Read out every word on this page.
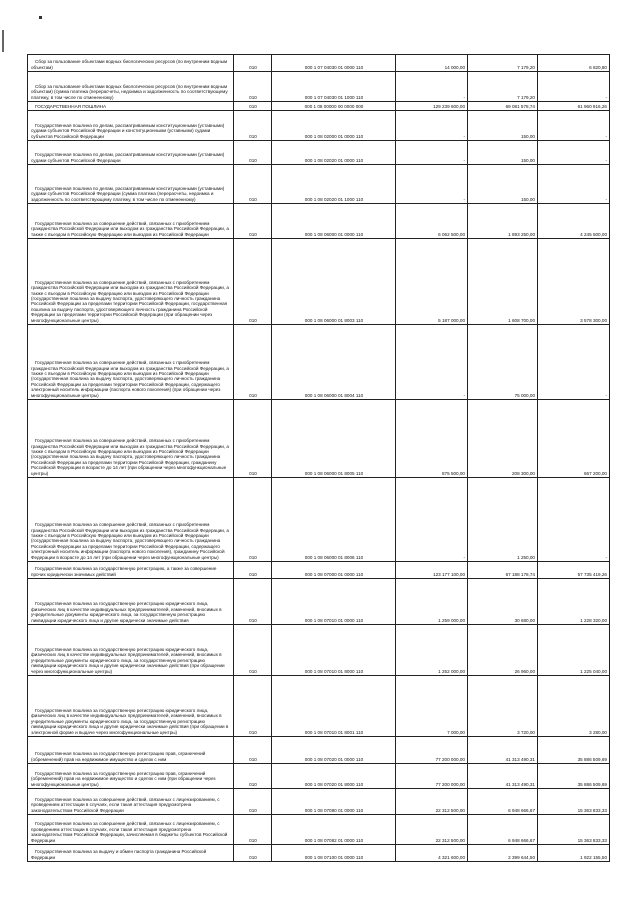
Сбор за пользование объектами водных биологических ресурсов (по внутренним водным объектам)	010	000 1 07 04030 01 0000 110	14 000,00	7 179,20	6 820,80
Сбор за пользование объектами водных биологических ресурсов (по внутренним водным объектам) (сумма платежа (перерасчеты, недоимка и задолженность по соответствующему платежу, в том числе по отмененному)	010	000 1 07 04030 01 1000 110	-	7 179,20	-
ГОСУДАРСТВЕННАЯ ПОШЛИНА	010	000 1 08 00000 00 0000 000	129 239 600,00	69 081 578,74	61 960 916,26
Государственная пошлина по делам, рассматриваемым конституционными (уставными) судами субъектов Российской Федерации и конституционными (уставными) судами субъектов Российской Федерации	010	000 1 08 02000 01 0000 110	-	150,00	-
Государственная пошлина по делам, рассматриваемым конституционными (уставными) судами субъектов Российской Федерации	010	000 1 08 02020 01 0000 110	-	150,00	-
Государственная пошлина по делам, рассматриваемым конституционными (уставными) судами субъектов Российской Федерации (сумма платежа (перерасчеты, недоимка и задолженность по соответствующему платежу, в том числе по отмененному)	010	000 1 08 02020 01 1000 110	-	150,00	-
Государственная пошлина за совершение действий, связанных с приобретением гражданства Российской Федерации или выходом из гражданства Российской Федерации, а также с въездом в Российскую Федерацию или выездом из Российской Федерации	010	000 1 08 06000 01 0000 110	6 062 500,00	1 893 250,00	4 245 500,00
Государственная пошлина за совершение действий, связанных с приобретением гражданства Российской Федерации или выходом из гражданства Российской Федерации, а также с въездом в Российскую Федерацию или выездом из Российской Федерации (государственная пошлина за выдачу паспорта, удостоверяющего личность гражданина Российской Федерации за пределами территории Российской Федерации, государственная пошлина за выдачу паспорта, удостоверяющего личность гражданина Российской Федерации за пределами территории Российской Федерации (при обращении через многофункциональные центры)	010	000 1 08 06000 01 8003 110	5 187 000,00	1 608 700,00	3 578 300,00
Государственная пошлина за совершение действий, связанных с приобретением гражданства Российской Федерации или выходом из гражданства Российской Федерации, а также с въездом в Российскую Федерацию или выездом из Российской Федерации (государственная пошлина за выдачу паспорта, удостоверяющего личность гражданина Российской Федерации за пределами территории Российской Федерации, содержащего электронный носитель информации (паспорта нового поколения) (при обращении через многофункциональные центры)	010	000 1 08 06000 01 8004 110	-	75 000,00	-
Государственная пошлина за совершение действий, связанных с приобретением гражданства Российской Федерации или выходом из гражданства Российской Федерации, а также с въездом в Российскую Федерацию или выездом из Российской Федерации (государственная пошлина за выдачу паспорта, удостоверяющего личность гражданина Российской Федерации за пределами территории Российской Федерации, гражданину Российской Федерации в возрасте до 14 лет (при обращении через многофункциональные центры)	010	000 1 08 06000 01 8005 110	875 500,00	208 300,00	667 200,00
Государственная пошлина за совершение действий, связанных с приобретением гражданства Российской Федерации или выходом из гражданства Российской Федерации, а также с въездом в Российскую Федерацию или выездом из Российской Федерации (государственная пошлина за выдачу паспорта, удостоверяющего личность гражданина Российской Федерации за пределами территории Российской Федерации, содержащего электронный носитель информации (паспорта нового поколения), гражданину Российской Федерации в возрасте до 14 лет (при обращении через многофункциональные центры)	010	000 1 08 06000 01 8006 110	-	1 250,00	-
Государственная пошлина за государственную регистрацию, а также за совершение прочих юридически значимых действий	010	000 1 08 07000 01 0000 110	123 177 100,00	67 188 178,74	57 735 419,26
Государственная пошлина за государственную регистрацию юридического лица, физических лиц в качестве индивидуальных предпринимателей, изменений, вносимых в учредительные документы юридического лица, за государственную регистрацию ликвидации юридического лица и другие юридически значимые действия	010	000 1 08 07010 01 0000 110	1 259 000,00	30 680,00	1 228 320,00
Государственная пошлина за государственную регистрацию юридического лица, физических лиц в качестве индивидуальных предпринимателей, изменений, вносимых в учредительные документы юридического лица, за государственную регистрацию ликвидации юридического лица и другие юридически значимые действия (при обращении через многофункциональные центры)	010	000 1 08 07010 01 8000 110	1 252 000,00	26 960,00	1 225 040,00
Государственная пошлина за государственную регистрацию юридического лица, физических лиц в качестве индивидуальных предпринимателей, изменений, вносимых в учредительные документы юридического лица, за государственную регистрацию ликвидации юридического лица и другие юридически значимые действия (при обращении в электронной форме и выдаче через многофункциональные центры)	010	000 1 08 07010 01 8001 110	7 000,00	3 720,00	3 280,00
Государственная пошлина за государственную регистрацию прав, ограничений (обременений) прав на недвижимое имущество и сделок с ним	010	000 1 08 07020 01 0000 110	77 200 000,00	41 313 490,31	35 886 509,69
Государственная пошлина за государственную регистрацию прав, ограничений (обременений) прав на недвижимое имущество и сделок с ним (при обращении через многофункциональные центры)	010	000 1 08 07020 01 8000 110	77 200 000,00	41 313 490,31	35 886 509,69
Государственная пошлина за совершение действий, связанных с лицензированием, с проведением аттестации в случаях, если такая аттестация предусмотрена законодательством Российской Федерации	010	000 1 08 07080 01 0000 110	22 312 500,00	6 948 666,67	15 363 833,33
Государственная пошлина за совершение действий, связанных с лицензированием, с проведением аттестации в случаях, если такая аттестация предусмотрена законодательством Российской Федерации, зачисляемая в бюджеты субъектов Российской Федерации	010	000 1 08 07082 01 0000 110	22 312 500,00	6 948 666,67	15 363 833,33
Государственная пошлина за выдачу и обмен паспорта гражданина Российской Федерации	010	000 1 08 07100 01 0000 110	4 321 600,00	2 399 644,50	1 922 155,50
